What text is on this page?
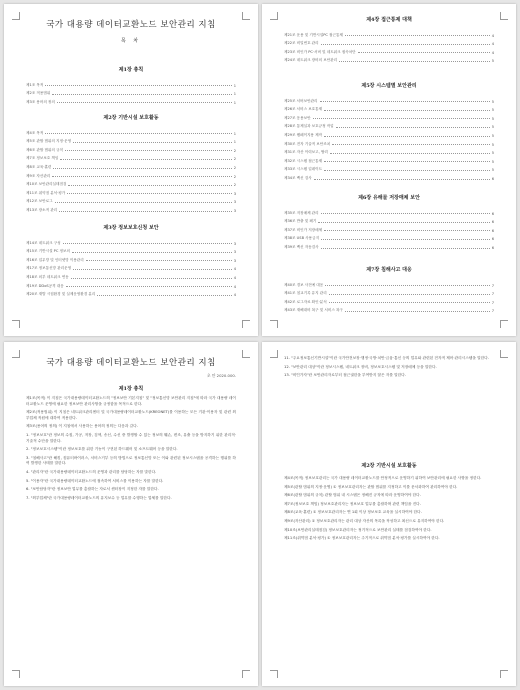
국가 대용량 데이터교환노드 보안관리 지침
목 차
제1장 총칙
제1조 목적	1
제2조 적용범위	1
제3조 용어의 정의	1
제2장 기반시설 보호활동
제4조 목적	1
제5조 관할 범위의 지정·운영	1
제6조 관할 범위의 규칙	2
제7조 정보보호 책임	2
제8조 교육·훈련	2
제9조 자산관리	2
제10조 보안관리실태점검	2
제11조 취약점 분석·평가	3
제12조 보안로그	3
제13조 장소적 관리	3
제3장 정보보호신청 보안
제14조 네트워크 구성	3
제15조 기반시설 PC 정보의	3
제16조 업무망 및 인터넷망 이용관리	3
제17조 정보통신망 관리운영	4
제18조 외부 네트워크 연동	4
제19조 DDoS공격 대응	4
제20조 재발 시험환경 및 실제운영환경 분리	4
제4장 접근통제 대책
제21조 운용 및 기반시설PC 접근통제	4
제22조 비밀번호 관리	4
제23조 비인가 PC·서버 및 네트워크 접속차단	4
제24조 네트워크 장비의 보안관리	5
제5장 시스템별 보안관리
제25조 서버보안관리	5
제26조 서비스 보호통제	5
제27조 응용보안	5
제28조 통제실과 보호규정 작업	5
제29조 웹페이지용 제작	5
제30조 전자 기술적 보안조치	5
제31조 자산 이력보고, 협력	5
제32조 시스템 접근통제	5
제33조 시스템 업데이트	5
제34조 백신 검사	6
제6장 유해물 저장매체 보안
제35조 저장매체 관리	6
제36조 반출 및 폐기	6
제37조 비인가 저장매체	6
제38조 USB 사용금지	6
제39조 백신 자동검사	6
제7장 침해사고 대응
제40조 경보 사전예 대응	7
제41조 침교기록 유지 관리	7
제42조 로그자료 확인·분석	7
제43조 재해대비 복구 및 서비스 복구	7
국가 대용량 데이터교환노드 보안관리 지침
초 안 2020.000.
제1장 총칙
제1조(목적) 이 지침은 국가대용량데이터교환노드의 "정보보안 기본지침" 및 "정보통신망 보안관리 지침"에 따라 국가 대용량 데이터교환노드 운영에 필요한 정보보안 관리사항을 규정함을 목적으로 한다.
제2조(적용범위) 이 지침은 네트워크관리센터 및 국가대용량데이터교환노드(KREONET)를 이용하는 모든 기관·이용자 및 관련 외부업체 직원에 대하여 적용한다.
제3조(용어의 정의) 이 지침에서 사용하는 용어의 정의는 다음과 같다.
1. "정보보호"란 정보의 수집, 가공, 저장, 검색, 송신, 수신 중 발생할 수 있는 정보의 훼손, 변조, 유출 등을 방지하기 위한 관리적·기술적 수단을 말한다.
2. "정보보호시스템"이란 정보보호를 위한 기능이 구현된 하드웨어 및 소프트웨어 등을 말한다.
3. "침해사고"란 해킹, 컴퓨터바이러스, 서비스거부 등의 방법으로 정보통신망 또는 이와 관련된 정보시스템을 공격하는 행위를 하여 발생한 사태를 말한다.
4. "관리자"란 국가대용량데이터교환노드의 운영과 관리를 담당하는 자를 말한다.
5. "이용자"란 국가대용량데이터교환노드에 접속하여 서비스를 이용하는 자를 말한다.
6. "보안담당자"란 정보보안 업무를 총괄하는 자로서 센터장이 지정한 자를 말한다.
7. "외부업체"란 국가대용량데이터교환노드의 유지보수 등 업무를 수행하는 업체를 말한다.
11. "주요정보통신기반시설"이란 국가안전보장·행정·국방·치안·금융·통신 등의 업무와 관련된 전자적 제어·관리시스템을 말한다.
12. "보안관리 대상"이란 정보시스템, 네트워크 장비, 정보보호시스템 및 저장매체 등을 말한다.
13. "비인가자"란 보안관리자로부터 접근권한을 부여받지 않은 자를 말한다.
제2장 기반시설 보호활동
제4조(목적) 정보보호관리는 국가 대용량 데이터교환노드를 안정적으로 운영하기 위하여 보안관리에 필요한 사항을 정한다.
제5조(관할 범위의 지정·운영) ① 정보보호관리자는 관할 범위를 지정하고 이를 문서화하여 관리하여야 한다.
제6조(관할 범위의 규칙) 관할 범위 내 시스템은 정해진 규칙에 따라 운영하여야 한다.
제7조(정보보호 책임) 정보보호관리자는 정보보호 업무를 총괄하며 관련 책임을 진다.
제8조(교육·훈련) ① 정보보호관리자는 연 1회 이상 정보보호 교육을 실시하여야 한다.
제9조(자산관리) ① 정보보호관리자는 관리 대상 자산의 목록을 작성하고 최신으로 유지하여야 한다.
제10조(보안관리실태점검) 정보보호관리자는 정기적으로 보안관리 실태를 점검하여야 한다.
제11조(취약점 분석·평가) ① 정보보호관리자는 주기적으로 취약점 분석·평가를 실시하여야 한다.
